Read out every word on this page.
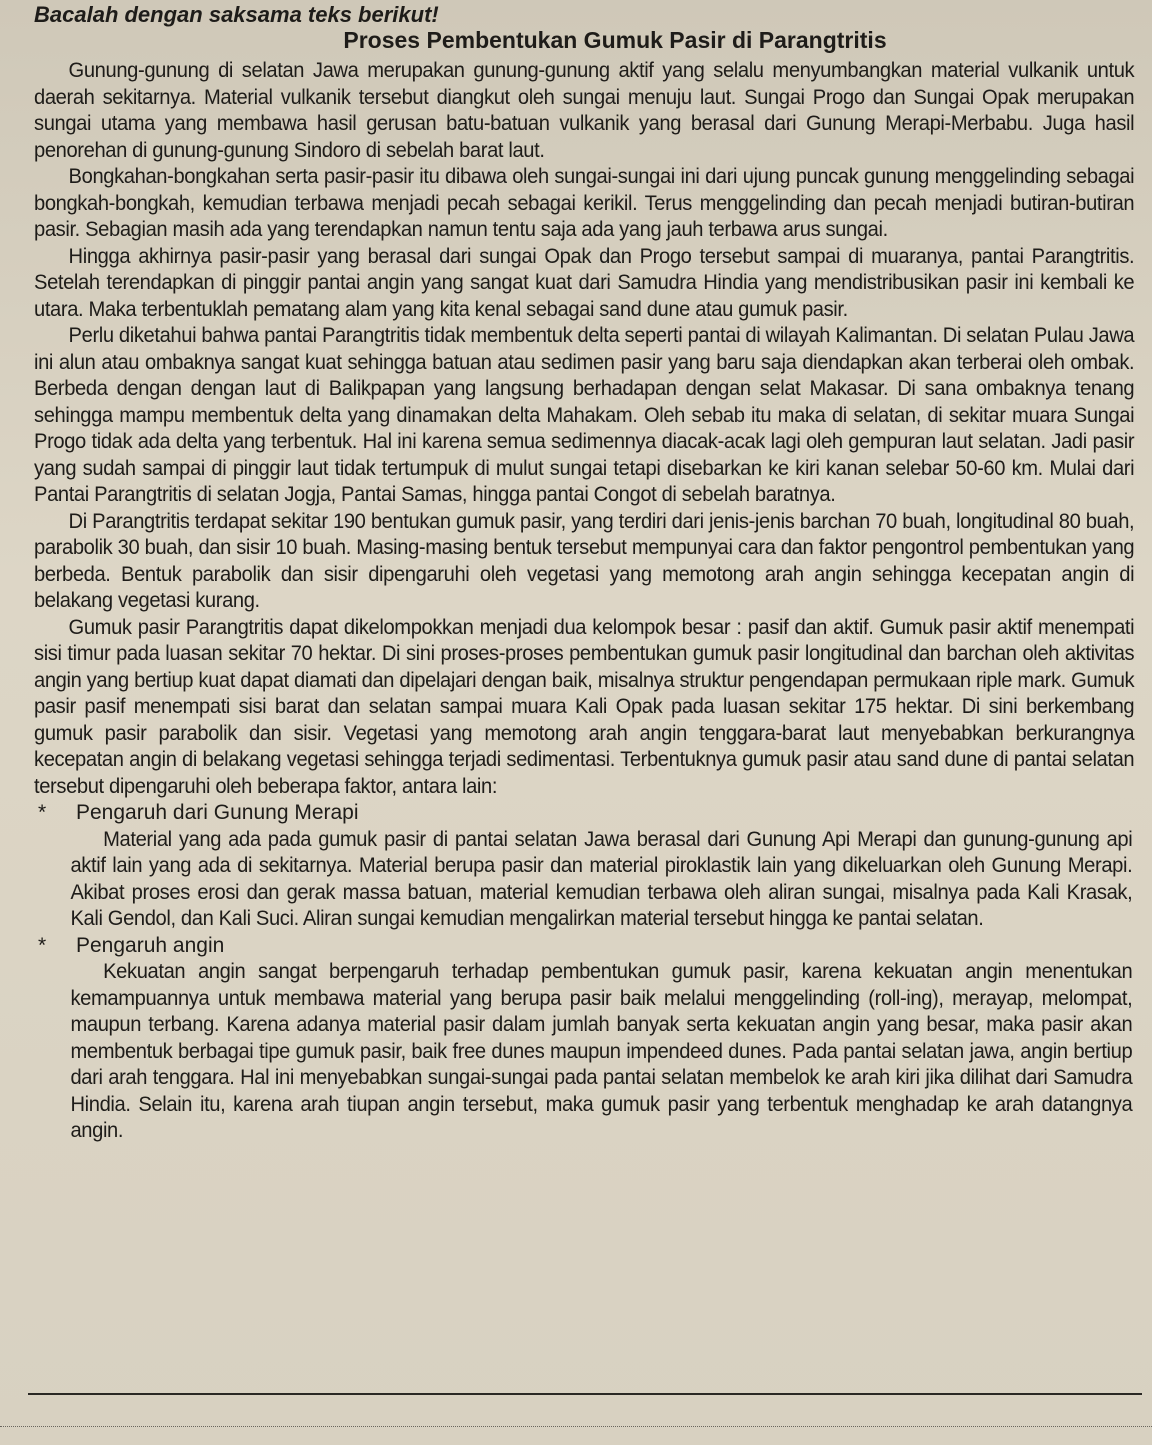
Bacalah dengan saksama teks berikut!
Proses Pembentukan Gumuk Pasir di Parangtritis

Gunung-gunung di selatan Jawa merupakan gunung-gunung aktif yang selalu menyumbangkan material vulkanik untuk daerah sekitarnya. Material vulkanik tersebut diangkut oleh sungai menuju laut. Sungai Progo dan Sungai Opak merupakan sungai utama yang membawa hasil gerusan batu-batuan vulkanik yang berasal dari Gunung Merapi-Merbabu. Juga hasil penorehan di gunung-gunung Sindoro di sebelah barat laut.

Bongkahan-bongkahan serta pasir-pasir itu dibawa oleh sungai-sungai ini dari ujung puncak gunung menggelinding sebagai bongkah-bongkah, kemudian terbawa menjadi pecah sebagai kerikil. Terus menggelinding dan pecah menjadi butiran-butiran pasir. Sebagian masih ada yang terendapkan namun tentu saja ada yang jauh terbawa arus sungai.

Hingga akhirnya pasir-pasir yang berasal dari sungai Opak dan Progo tersebut sampai di muaranya, pantai Parangtritis. Setelah terendapkan di pinggir pantai angin yang sangat kuat dari Samudra Hindia yang mendistribusikan pasir ini kembali ke utara. Maka terbentuklah pematang alam yang kita kenal sebagai sand dune atau gumuk pasir.

Perlu diketahui bahwa pantai Parangtritis tidak membentuk delta seperti pantai di wilayah Kalimantan. Di selatan Pulau Jawa ini alun atau ombaknya sangat kuat sehingga batuan atau sedimen pasir yang baru saja diendapkan akan terberai oleh ombak. Berbeda dengan dengan laut di Balikpapan yang langsung berhadapan dengan selat Makasar. Di sana ombaknya tenang sehingga mampu membentuk delta yang dinamakan delta Mahakam. Oleh sebab itu maka di selatan, di sekitar muara Sungai Progo tidak ada delta yang terbentuk. Hal ini karena semua sedimennya diacak-acak lagi oleh gempuran laut selatan. Jadi pasir yang sudah sampai di pinggir laut tidak tertumpuk di mulut sungai tetapi disebarkan ke kiri kanan selebar 50-60 km. Mulai dari Pantai Parangtritis di selatan Jogja, Pantai Samas, hingga pantai Congot di sebelah baratnya.

Di Parangtritis terdapat sekitar 190 bentukan gumuk pasir, yang terdiri dari jenis-jenis barchan 70 buah, longitudinal 80 buah, parabolik 30 buah, dan sisir 10 buah. Masing-masing bentuk tersebut mempunyai cara dan faktor pengontrol pembentukan yang berbeda. Bentuk parabolik dan sisir dipengaruhi oleh vegetasi yang memotong arah angin sehingga kecepatan angin di belakang vegetasi kurang.

Gumuk pasir Parangtritis dapat dikelompokkan menjadi dua kelompok besar : pasif dan aktif. Gumuk pasir aktif menempati sisi timur pada luasan sekitar 70 hektar. Di sini proses-proses pembentukan gumuk pasir longitudinal dan barchan oleh aktivitas angin yang bertiup kuat dapat diamati dan dipelajari dengan baik, misalnya struktur pengendapan permukaan riple mark. Gumuk pasir pasif menempati sisi barat dan selatan sampai muara Kali Opak pada luasan sekitar 175 hektar. Di sini berkembang gumuk pasir parabolik dan sisir. Vegetasi yang memotong arah angin tenggara-barat laut menyebabkan berkurangnya kecepatan angin di belakang vegetasi sehingga terjadi sedimentasi. Terbentuknya gumuk pasir atau sand dune di pantai selatan tersebut dipengaruhi oleh beberapa faktor, antara lain:

*	Pengaruh dari Gunung Merapi

Material yang ada pada gumuk pasir di pantai selatan Jawa berasal dari Gunung Api Merapi dan gunung-gunung api aktif lain yang ada di sekitarnya. Material berupa pasir dan material piroklastik lain yang dikeluarkan oleh Gunung Merapi. Akibat proses erosi dan gerak massa batuan, material kemudian terbawa oleh aliran sungai, misalnya pada Kali Krasak, Kali Gendol, dan Kali Suci. Aliran sungai kemudian mengalirkan material tersebut hingga ke pantai selatan.

*	Pengaruh angin

Kekuatan angin sangat berpengaruh terhadap pembentukan gumuk pasir, karena kekuatan angin menentukan kemampuannya untuk membawa material yang berupa pasir baik melalui menggelinding (roll-ing), merayap, melompat, maupun terbang. Karena adanya material pasir dalam jumlah banyak serta kekuatan angin yang besar, maka pasir akan membentuk berbagai tipe gumuk pasir, baik free dunes maupun impendeed dunes. Pada pantai selatan jawa, angin bertiup dari arah tenggara. Hal ini menyebabkan sungai-sungai pada pantai selatan membelok ke arah kiri jika dilihat dari Samudra Hindia. Selain itu, karena arah tiupan angin tersebut, maka gumuk pasir yang terbentuk menghadap ke arah datangnya angin.
